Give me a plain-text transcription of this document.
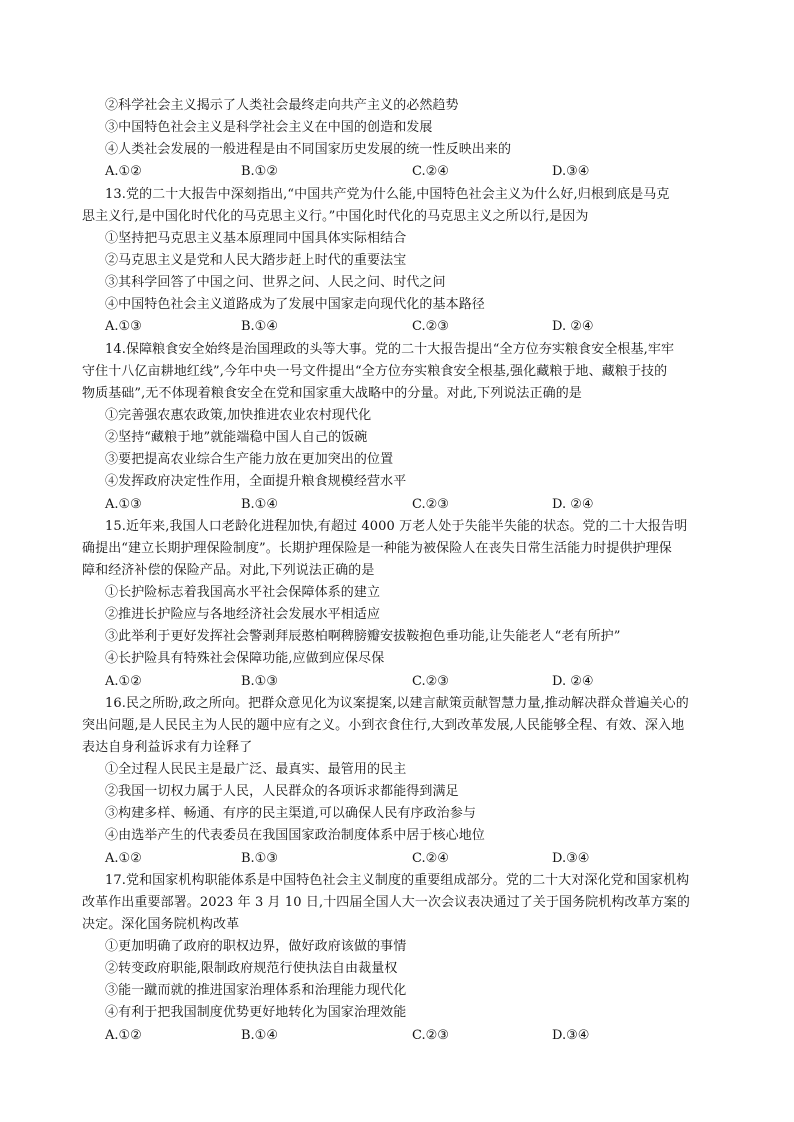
②科学社会主义揭示了人类社会最终走向共产主义的必然趋势
③中国特色社会主义是科学社会主义在中国的创造和发展
④人类社会发展的一般进程是由不同国家历史发展的统一性反映出来的
A.①②	B.①②	C.②④	D.③④
13.党的二十大报告中深刻指出,“中国共产党为什么能,中国特色社会主义为什么好,归根到底是马克
思主义行,是中国化时代化的马克思主义行。”中国化时代化的马克思主义之所以行,是因为
①坚持把马克思主义基本原理同中国具体实际相结合
②马克思主义是党和人民大踏步赶上时代的重要法宝
③其科学回答了中国之问、世界之问、人民之问、时代之问
④中国特色社会主义道路成为了发展中国家走向现代化的基本路径
A.①③	B.①④	C.②③	D. ②④
14.保障粮食安全始终是治国理政的头等大事。党的二十大报告提出“全方位夯实粮食安全根基,牢牢
守住十八亿亩耕地红线”,今年中央一号文件提出“全方位夯实粮食安全根基,强化藏粮于地、藏粮于技的
物质基础”,无不体现着粮食安全在党和国家重大战略中的分量。对此,下列说法正确的是
①完善强农惠农政策,加快推进农业农村现代化
②坚持“藏粮于地”就能端稳中国人自己的饭碗
③要把提高农业综合生产能力放在更加突出的位置
④发挥政府决定性作用，全面提升粮食规模经营水平
A.①③	B.①④	C.②③	D. ②④
15.近年来,我国人口老龄化进程加快,有超过 4000 万老人处于失能半失能的状态。党的二十大报告明
确提出“建立长期护理保险制度”。长期护理保险是一种能为被保险人在丧失日常生活能力时提供护理保
障和经济补偿的保险产品。对此,下列说法正确的是
①长护险标志着我国高水平社会保障体系的建立
②推进长护险应与各地经济社会发展水平相适应
③此举利于更好发挥社会警剥拜辰憨柏啊稗膀瓣安拔鞍抱色垂功能,让失能老人“老有所护”
④长护险具有特殊社会保障功能,应做到应保尽保
A.①②	B.①③	C.②③	D. ②④
16.民之所盼,政之所向。把群众意见化为议案提案,以建言献策贡献智慧力量,推动解决群众普遍关心的
突出问题,是人民民主为人民的题中应有之义。小到衣食住行,大到改革发展,人民能够全程、有效、深入地
表达自身利益诉求有力诠释了
①全过程人民民主是最广泛、最真实、最管用的民主
②我国一切权力属于人民，人民群众的各项诉求都能得到满足
③构建多样、畅通、有序的民主渠道,可以确保人民有序政治参与
④由选举产生的代表委员在我国国家政治制度体系中居于核心地位
A.①②	B.①③	C.②④	D.③④
17.党和国家机构职能体系是中国特色社会主义制度的重要组成部分。党的二十大对深化党和国家机构
改革作出重要部署。2023 年 3 月 10 日,十四届全国人大一次会议表决通过了关于国务院机构改革方案的
决定。深化国务院机构改革
①更加明确了政府的职权边界，做好政府该做的事情
②转变政府职能,限制政府规范行使执法自由裁量权
③能一蹴而就的推进国家治理体系和治理能力现代化
④有利于把我国制度优势更好地转化为国家治理效能
A.①②	B.①④	C.②③	D.③④
